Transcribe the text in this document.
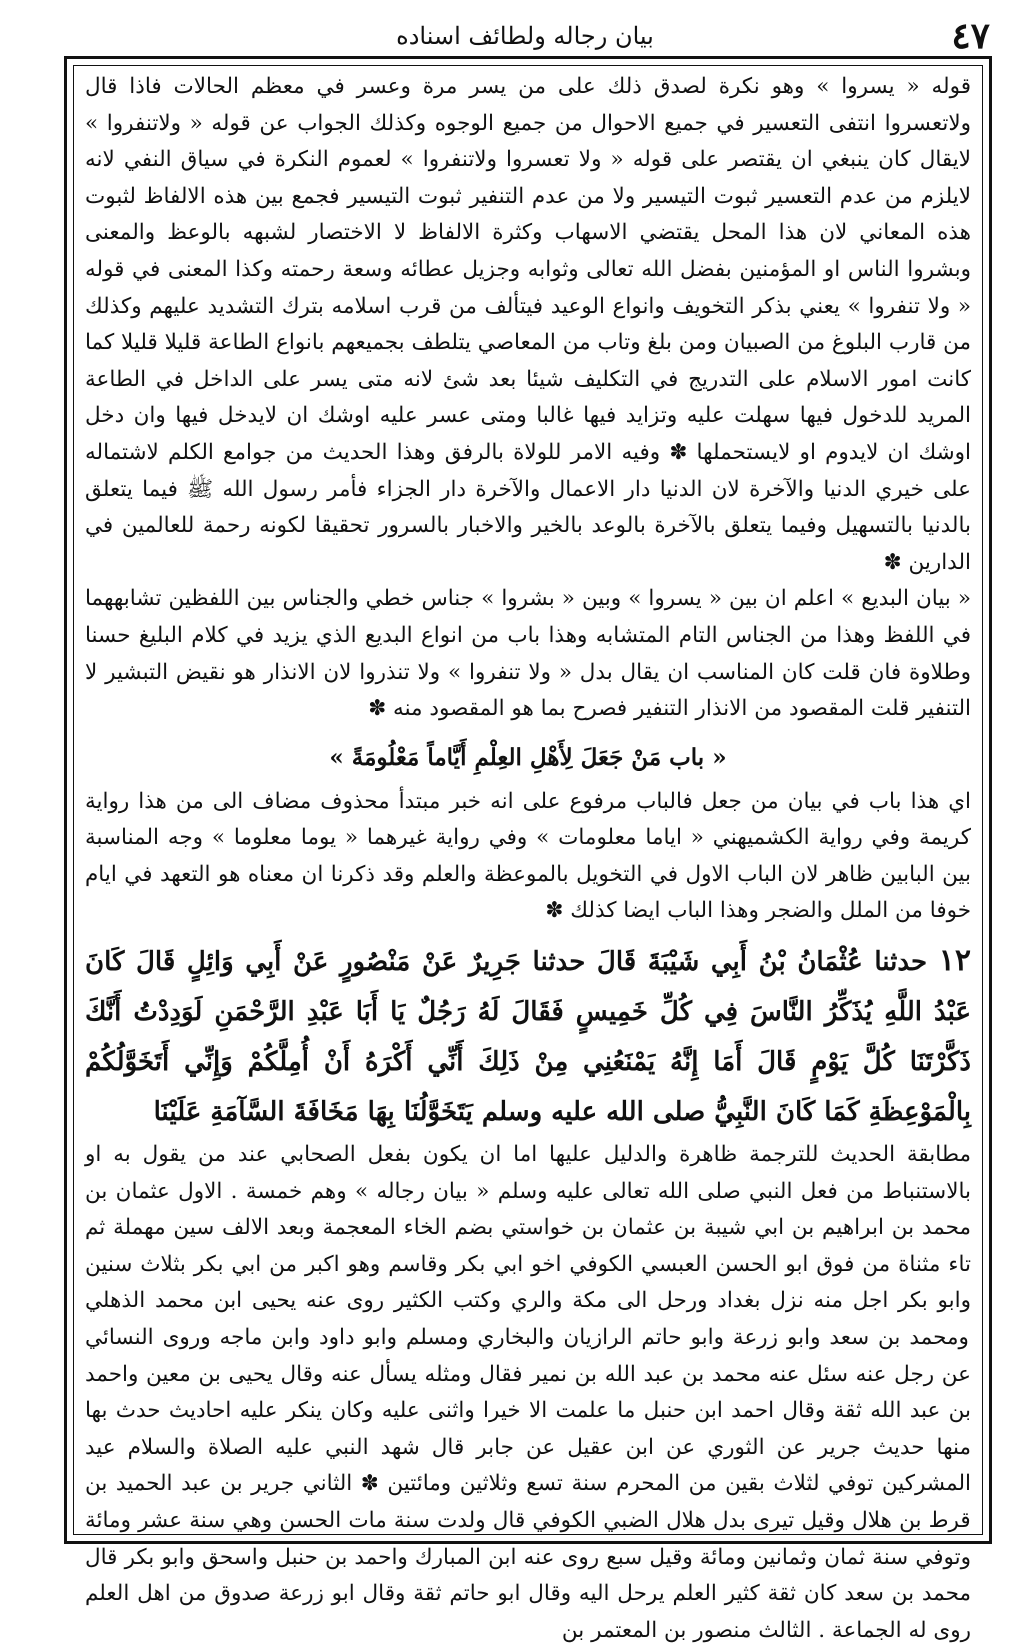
٤٧
بيان رجاله ولطائف اسناده

قوله « يسروا » وهو نكرة لصدق ذلك على من يسر مرة وعسر في معظم الحالات فاذا قال ولاتعسروا انتفى التعسير في جميع الاحوال من جميع الوجوه وكذلك الجواب عن قوله « ولاتنفروا » لايقال كان ينبغي ان يقتصر على قوله « ولا تعسروا ولاتنفروا » لعموم النكرة في سياق النفي لانه لايلزم من عدم التعسير ثبوت التيسير ولا من عدم التنفير ثبوت التيسير فجمع بين هذه الالفاظ لثبوت هذه المعاني لان هذا المحل يقتضي الاسهاب وكثرة الالفاظ لا الاختصار لشبهه بالوعظ والمعنى وبشروا الناس او المؤمنين بفضل الله تعالى وثوابه وجزيل عطائه وسعة رحمته وكذا المعنى في قوله « ولا تنفروا » يعني بذكر التخويف وانواع الوعيد فيتألف من قرب اسلامه بترك التشديد عليهم وكذلك من قارب البلوغ من الصبيان ومن بلغ وتاب من المعاصي يتلطف بجميعهم بانواع الطاعة قليلا قليلا كما كانت امور الاسلام على التدريج في التكليف شيئا بعد شئ لانه متى يسر على الداخل في الطاعة المريد للدخول فيها سهلت عليه وتزايد فيها غالبا ومتى عسر عليه اوشك ان لايدخل فيها وان دخل اوشك ان لايدوم او لايستحملها ✽ وفيه الامر للولاة بالرفق وهذا الحديث من جوامع الكلم لاشتماله على خيري الدنيا والآخرة لان الدنيا دار الاعمال والآخرة دار الجزاء فأمر رسول الله ﷺ فيما يتعلق بالدنيا بالتسهيل وفيما يتعلق بالآخرة بالوعد بالخير والاخبار بالسرور تحقيقا لكونه رحمة للعالمين في الدارين ✽

« بيان البديع » اعلم ان بين « يسروا » وبين « بشروا » جناس خطي والجناس بين اللفظين تشابههما في اللفظ وهذا من الجناس التام المتشابه وهذا باب من انواع البديع الذي يزيد في كلام البليغ حسنا وطلاوة فان قلت كان المناسب ان يقال بدل « ولا تنفروا » ولا تنذروا لان الانذار هو نقيض التبشير لا التنفير قلت المقصود من الانذار التنفير فصرح بما هو المقصود منه ✽

« باب مَنْ جَعَلَ لِأَهْلِ العِلْمِ أَيَّاماً مَعْلُومَةً »

اي هذا باب في بيان من جعل فالباب مرفوع على انه خبر مبتدأ محذوف مضاف الى من هذا رواية كريمة وفي رواية الكشميهني « اياما معلومات » وفي رواية غيرهما « يوما معلوما » وجه المناسبة بين البابين ظاهر لان الباب الاول في التخويل بالموعظة والعلم وقد ذكرنا ان معناه هو التعهد في ايام خوفا من الملل والضجر وهذا الباب ايضا كذلك ✽

١٢ حدثنا عُثْمَانُ بْنُ أَبِي شَيْبَةَ قَالَ حدثنا جَرِيرٌ عَنْ مَنْصُورٍ عَنْ أَبِي وَائِلٍ قَالَ كَانَ عَبْدُ اللَّهِ يُذَكِّرُ النَّاسَ فِي كُلِّ خَمِيسٍ فَقَالَ لَهُ رَجُلٌ يَا أَبَا عَبْدِ الرَّحْمَنِ لَوَدِدْتُ أَنَّكَ ذَكَّرْتَنَا كُلَّ يَوْمٍ قَالَ أَمَا إِنَّهُ يَمْنَعُنِي مِنْ ذَلِكَ أَنِّي أَكْرَهُ أَنْ أُمِلَّكُمْ وَإِنِّي أَتَخَوَّلُكُمْ بِالْمَوْعِظَةِ كَمَا كَانَ النَّبِيُّ صلى الله عليه وسلم يَتَخَوَّلُنَا بِهَا مَخَافَةَ السَّآمَةِ عَلَيْنَا

مطابقة الحديث للترجمة ظاهرة والدليل عليها اما ان يكون بفعل الصحابي عند من يقول به او بالاستنباط من فعل النبي صلى الله تعالى عليه وسلم « بيان رجاله » وهم خمسة . الاول عثمان بن محمد بن ابراهيم بن ابي شيبة بن عثمان بن خواستي بضم الخاء المعجمة وبعد الالف سين مهملة ثم تاء مثناة من فوق ابو الحسن العبسي الكوفي اخو ابي بكر وقاسم وهو اكبر من ابي بكر بثلاث سنين وابو بكر اجل منه نزل بغداد ورحل الى مكة والري وكتب الكثير روى عنه يحيى ابن محمد الذهلي ومحمد بن سعد وابو زرعة وابو حاتم الرازيان والبخاري ومسلم وابو داود وابن ماجه وروى النسائي عن رجل عنه سئل عنه محمد بن عبد الله بن نمير فقال ومثله يسأل عنه وقال يحيى بن معين واحمد بن عبد الله ثقة وقال احمد ابن حنبل ما علمت الا خيرا واثنى عليه وكان ينكر عليه احاديث حدث بها منها حديث جرير عن الثوري عن ابن عقيل عن جابر قال شهد النبي عليه الصلاة والسلام عيد المشركين توفي لثلاث بقين من المحرم سنة تسع وثلاثين ومائتين ✽ الثاني جرير بن عبد الحميد بن قرط بن هلال وقيل تيرى بدل هلال الضبي الكوفي قال ولدت سنة مات الحسن وهي سنة عشر ومائة وتوفي سنة ثمان وثمانين ومائة وقيل سبع روى عنه ابن المبارك واحمد بن حنبل واسحق وابو بكر قال محمد بن سعد كان ثقة كثير العلم يرحل اليه وقال ابو حاتم ثقة وقال ابو زرعة صدوق من اهل العلم روى له الجماعة . الثالث منصور بن المعتمر بن
